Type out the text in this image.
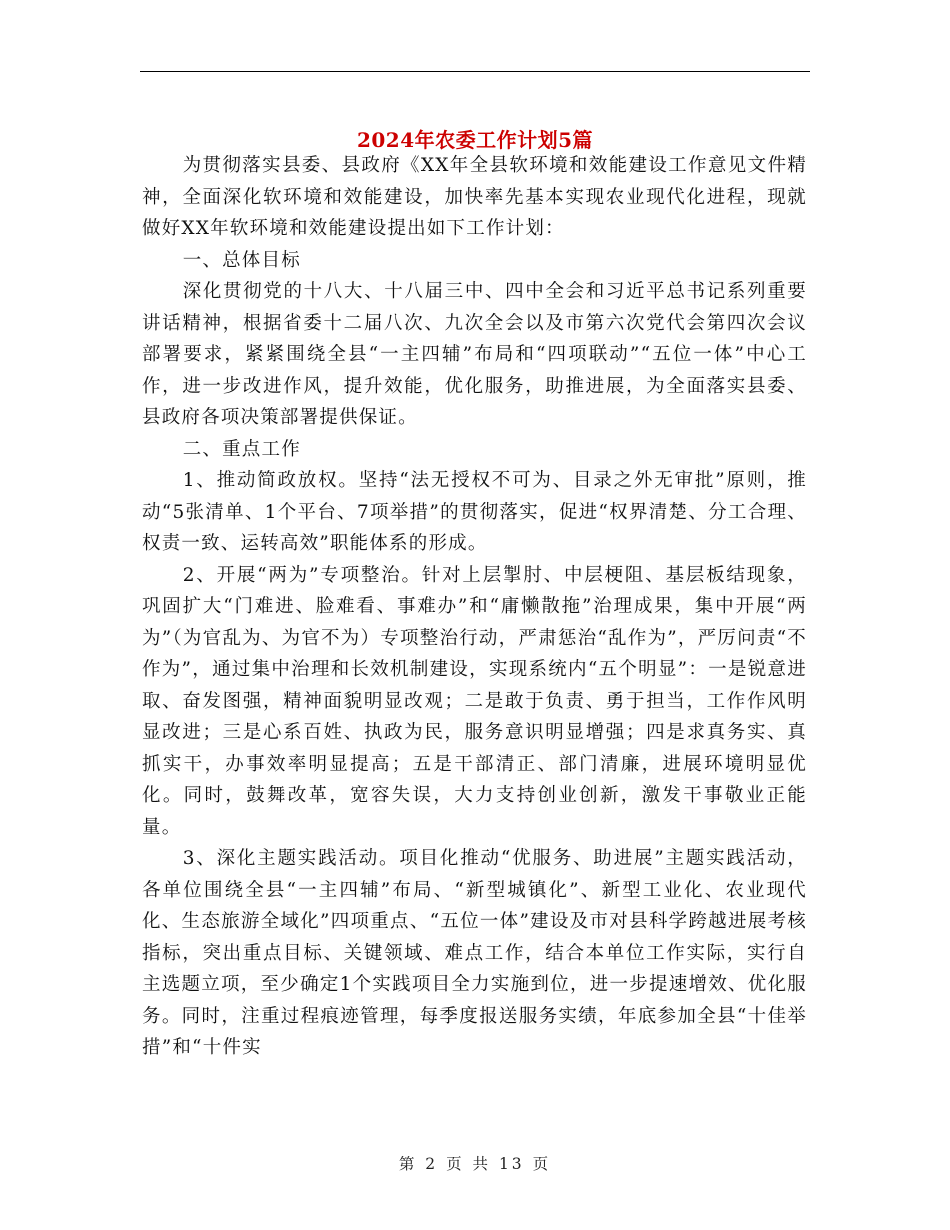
2024年农委工作计划5篇

为贯彻落实县委、县政府《XX年全县软环境和效能建设工作意见文件精神，全面深化软环境和效能建设，加快率先基本实现农业现代化进程，现就做好XX年软环境和效能建设提出如下工作计划：

一、总体目标

深化贯彻党的十八大、十八届三中、四中全会和习近平总书记系列重要讲话精神，根据省委十二届八次、九次全会以及市第六次党代会第四次会议部署要求，紧紧围绕全县“一主四辅”布局和“四项联动”“五位一体”中心工作，进一步改进作风，提升效能，优化服务，助推进展，为全面落实县委、县政府各项决策部署提供保证。

二、重点工作

1、推动简政放权。坚持“法无授权不可为、目录之外无审批”原则，推动“5张清单、1个平台、7项举措”的贯彻落实，促进“权界清楚、分工合理、权责一致、运转高效”职能体系的形成。

2、开展“两为”专项整治。针对上层掣肘、中层梗阻、基层板结现象，巩固扩大“门难进、脸难看、事难办”和“庸懒散拖”治理成果，集中开展“两为”（为官乱为、为官不为）专项整治行动，严肃惩治“乱作为”，严厉问责“不作为”，通过集中治理和长效机制建设，实现系统内“五个明显”：一是锐意进取、奋发图强，精神面貌明显改观；二是敢于负责、勇于担当，工作作风明显改进；三是心系百姓、执政为民，服务意识明显增强；四是求真务实、真抓实干，办事效率明显提高；五是干部清正、部门清廉，进展环境明显优化。同时，鼓舞改革，宽容失误，大力支持创业创新，激发干事敬业正能量。

3、深化主题实践活动。项目化推动“优服务、助进展”主题实践活动，各单位围绕全县“一主四辅”布局、“新型城镇化”、新型工业化、农业现代化、生态旅游全域化”四项重点、“五位一体”建设及市对县科学跨越进展考核指标，突出重点目标、关键领域、难点工作，结合本单位工作实际，实行自主选题立项，至少确定1个实践项目全力实施到位，进一步提速增效、优化服务。同时，注重过程痕迹管理，每季度报送服务实绩，年底参加全县“十佳举措”和“十件实

第 2 页 共 13 页
